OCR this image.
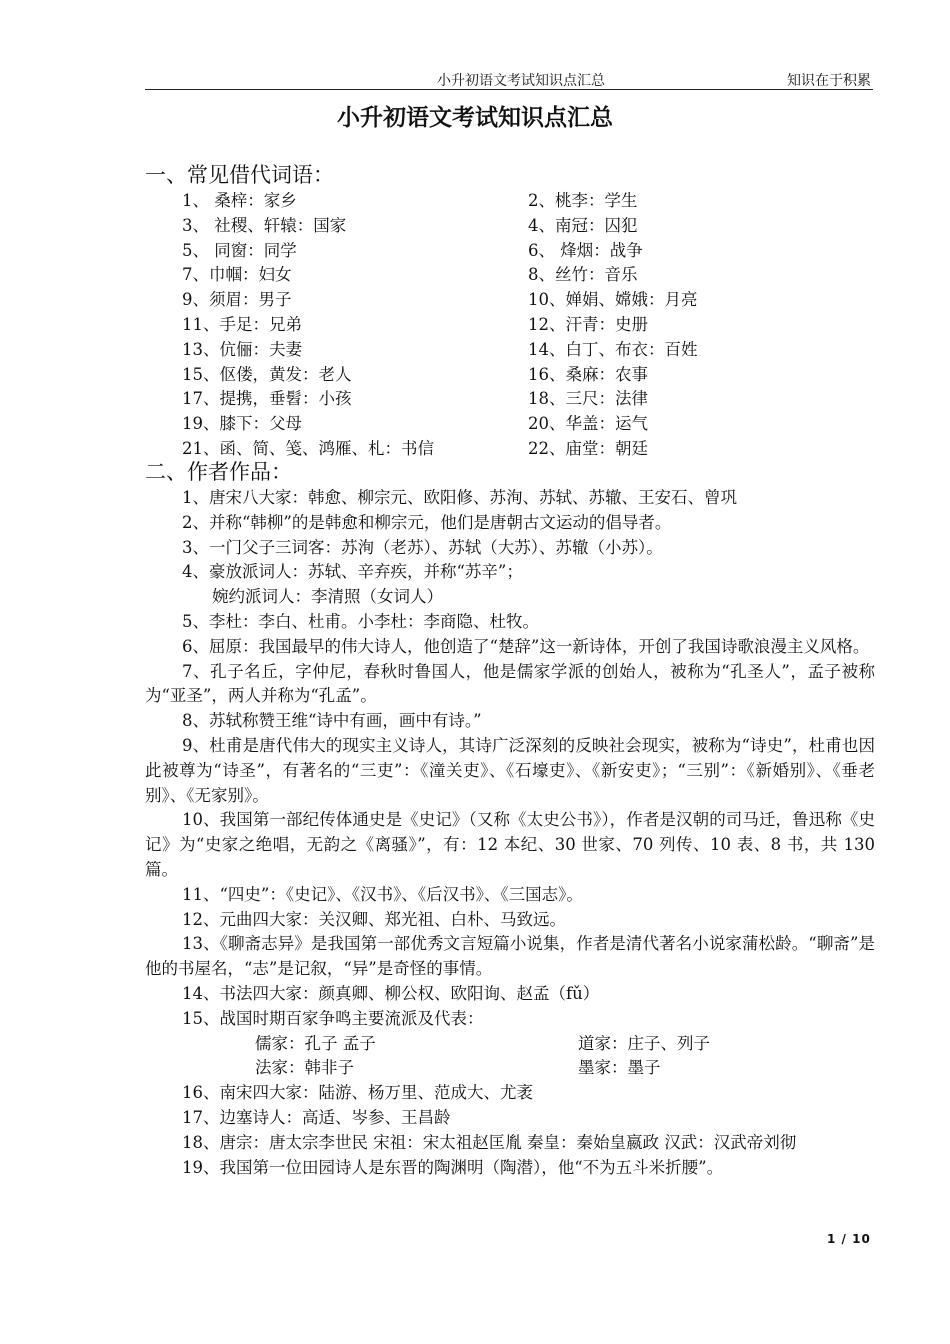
小升初语文考试知识点汇总	知识在于积累
小升初语文考试知识点汇总
一、常见借代词语：
1、 桑梓：家乡	2、桃李：学生
3、 社稷、轩辕：国家	4、南冠：囚犯
5、 同窗：同学	6、 烽烟：战争
7、巾帼：妇女	8、丝竹：音乐
9、须眉：男子	10、婵娟、嫦娥：月亮
11、手足：兄弟	12、汗青：史册
13、伉俪：夫妻	14、白丁、布衣：百姓
15、伛偻，黄发：老人	16、桑麻：农事
17、提携，垂髫：小孩	18、三尺：法律
19、膝下：父母	20、华盖：运气
21、函、简、笺、鸿雁、札：书信	22、庙堂：朝廷
二、作者作品：
1、唐宋八大家：韩愈、柳宗元、欧阳修、苏洵、苏轼、苏辙、王安石、曾巩
2、并称“韩柳”的是韩愈和柳宗元，他们是唐朝古文运动的倡导者。
3、一门父子三词客：苏洵（老苏）、苏轼（大苏）、苏辙（小苏）。
4、豪放派词人：苏轼、辛弃疾，并称“苏辛”；
婉约派词人：李清照（女词人）
5、李杜：李白、杜甫。小李杜：李商隐、杜牧。
6、屈原：我国最早的伟大诗人，他创造了“楚辞”这一新诗体，开创了我国诗歌浪漫主义风格。
7、孔子名丘，字仲尼，春秋时鲁国人，他是儒家学派的创始人，被称为“孔圣人”，孟子被称为“亚圣”，两人并称为“孔孟”。
8、苏轼称赞王维“诗中有画，画中有诗。”
9、杜甫是唐代伟大的现实主义诗人，其诗广泛深刻的反映社会现实，被称为“诗史”，杜甫也因此被尊为“诗圣”，有著名的“三吏”：《潼关吏》、《石壕吏》、《新安吏》；“三别”：《新婚别》、《垂老别》、《无家别》。
10、我国第一部纪传体通史是《史记》（又称《太史公书》），作者是汉朝的司马迁，鲁迅称《史记》为“史家之绝唱，无韵之《离骚》”，有：12 本纪、30 世家、70 列传、10 表、8 书，共 130 篇。
11、“四史”：《史记》、《汉书》、《后汉书》、《三国志》。
12、元曲四大家：关汉卿、郑光祖、白朴、马致远。
13、《聊斋志异》是我国第一部优秀文言短篇小说集，作者是清代著名小说家蒲松龄。“聊斋”是他的书屋名，“志”是记叙，“异”是奇怪的事情。
14、书法四大家：颜真卿、柳公权、欧阳询、赵孟（fǔ）
15、战国时期百家争鸣主要流派及代表：
儒家：孔子 孟子	道家：庄子、列子
法家：韩非子	墨家：墨子
16、南宋四大家：陆游、杨万里、范成大、尤袤
17、边塞诗人：高适、岑参、王昌龄
18、唐宗：唐太宗李世民 宋祖：宋太祖赵匡胤 秦皇：秦始皇嬴政 汉武：汉武帝刘彻
19、我国第一位田园诗人是东晋的陶渊明（陶潜），他“不为五斗米折腰”。
1 / 10
